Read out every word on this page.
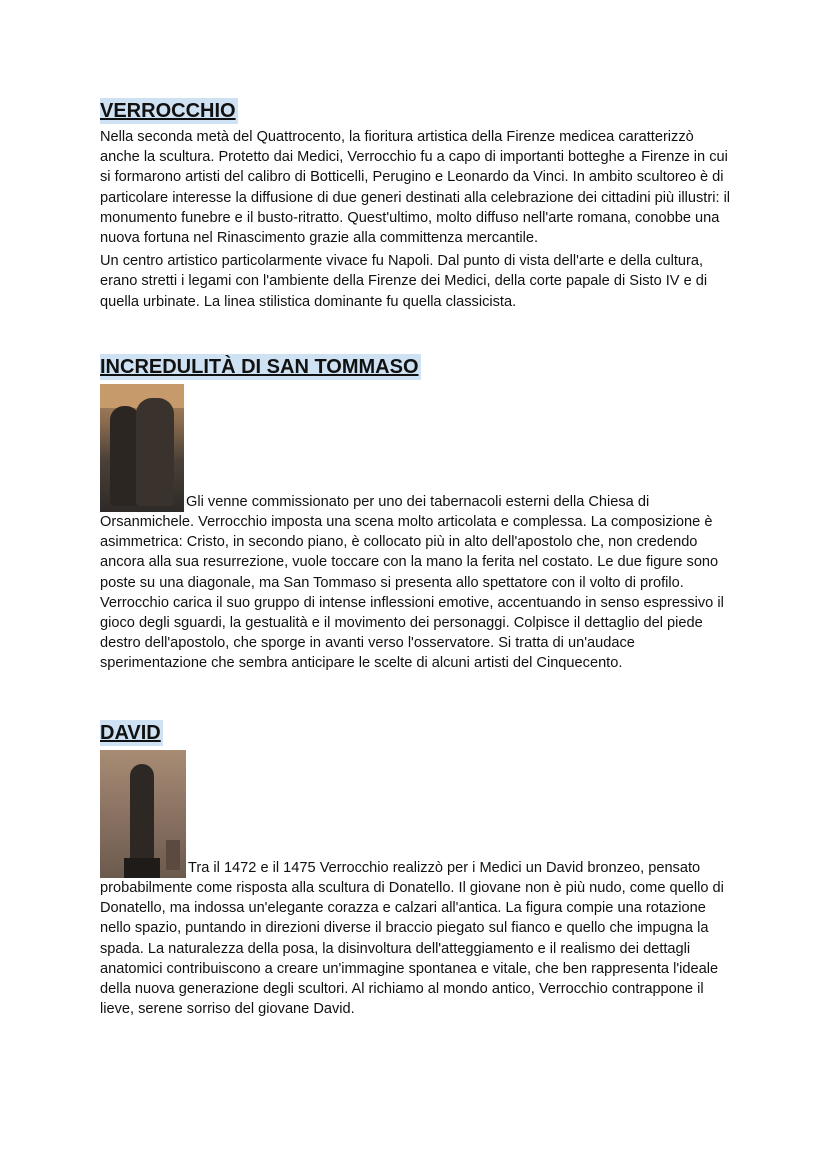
VERROCCHIO

Nella seconda metà del Quattrocento, la fioritura artistica della Firenze medicea caratterizzò anche la scultura. Protetto dai Medici, Verrocchio fu a capo di importanti botteghe a Firenze in cui si formarono artisti del calibro di Botticelli, Perugino e Leonardo da Vinci. In ambito scultoreo è di particolare interesse la diffusione di due generi destinati alla celebrazione dei cittadini più illustri: il monumento funebre e il busto-ritratto. Quest'ultimo, molto diffuso nell'arte romana, conobbe una nuova fortuna nel Rinascimento grazie alla committenza mercantile.

Un centro artistico particolarmente vivace fu Napoli. Dal punto di vista dell'arte e della cultura, erano stretti i legami con l'ambiente della Firenze dei Medici, della corte papale di Sisto IV e di quella urbinate. La linea stilistica dominante fu quella classicista.

INCREDULITÀ DI SAN TOMMASO

Gli venne commissionato per uno dei tabernacoli esterni della Chiesa di Orsanmichele. Verrocchio imposta una scena molto articolata e complessa. La composizione è asimmetrica: Cristo, in secondo piano, è collocato più in alto dell'apostolo che, non credendo ancora alla sua resurrezione, vuole toccare con la mano la ferita nel costato. Le due figure sono poste su una diagonale, ma San Tommaso si presenta allo spettatore con il volto di profilo. Verrocchio carica il suo gruppo di intense inflessioni emotive, accentuando in senso espressivo il gioco degli sguardi, la gestualità e il movimento dei personaggi. Colpisce il dettaglio del piede destro dell'apostolo, che sporge in avanti verso l'osservatore. Si tratta di un'audace sperimentazione che sembra anticipare le scelte di alcuni artisti del Cinquecento.

DAVID

Tra il 1472 e il 1475 Verrocchio realizzò per i Medici un David bronzeo, pensato probabilmente come risposta alla scultura di Donatello. Il giovane non è più nudo, come quello di Donatello, ma indossa un'elegante corazza e calzari all'antica. La figura compie una rotazione nello spazio, puntando in direzioni diverse il braccio piegato sul fianco e quello che impugna la spada. La naturalezza della posa, la disinvoltura dell'atteggiamento e il realismo dei dettagli anatomici contribuiscono a creare un'immagine spontanea e vitale, che ben rappresenta l'ideale della nuova generazione degli scultori. Al richiamo al mondo antico, Verrocchio contrappone il lieve, serene sorriso del giovane David.
